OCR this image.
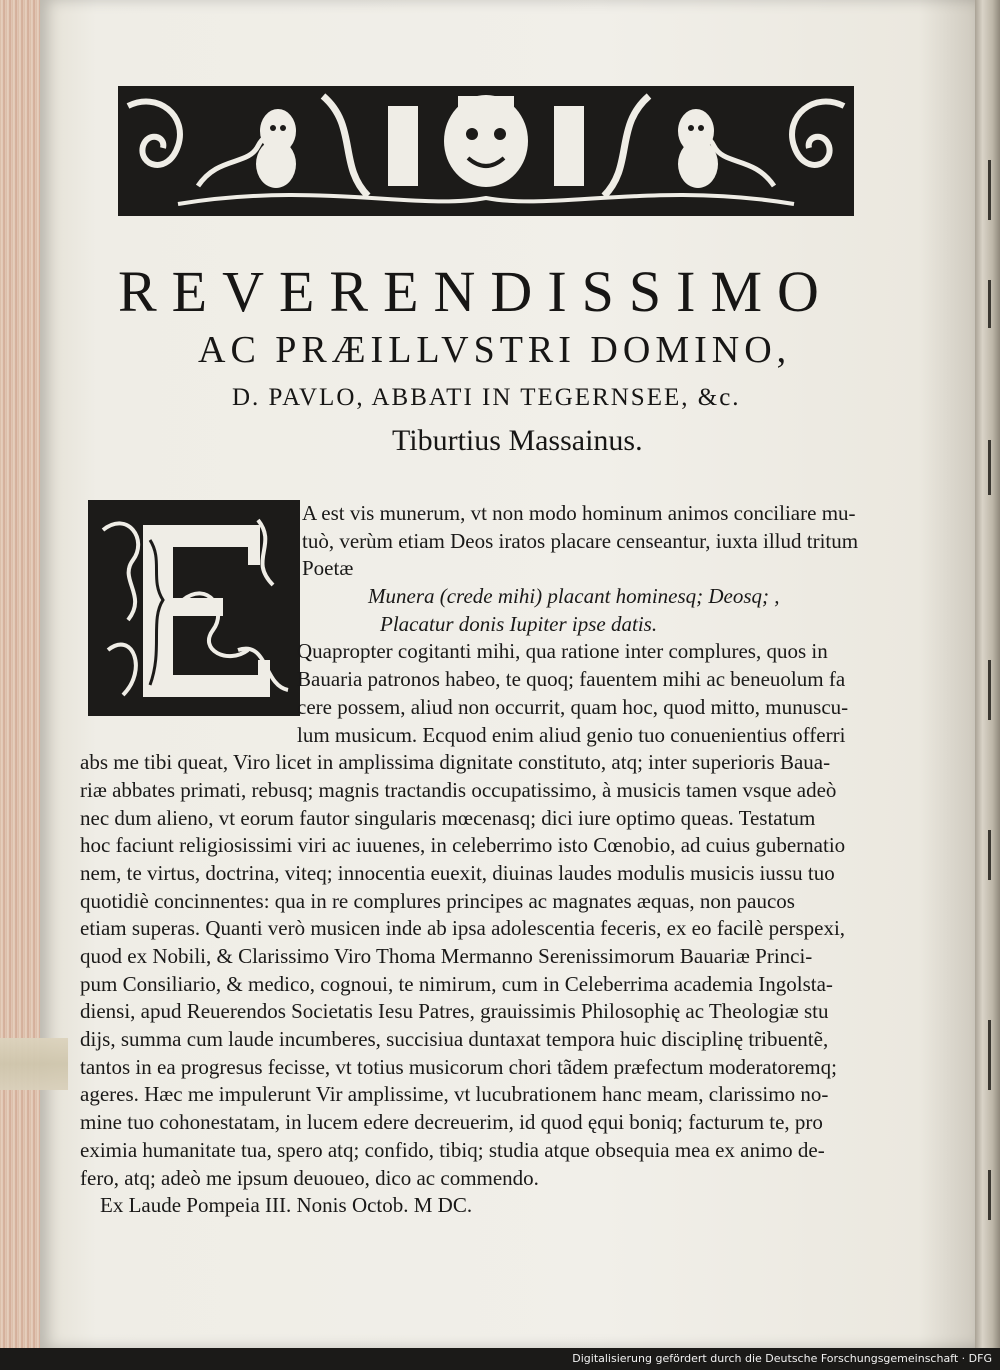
REVERENDISSIMO
AC PRÆILLVSTRI DOMINO,
D. PAVLO, ABBATI IN TEGERNSEE, &c.
Tiburtius Massainus.
A est vis munerum, vt non modo hominum animos conciliare mu-
tuò, verùm etiam Deos iratos placare censeantur, iuxta illud tritum
Poetæ
Munera (crede mihi) placant hominesq; Deosq; ,
Placatur donis Iupiter ipse datis.
Quapropter cogitanti mihi, qua ratione inter complures, quos in
Bauaria patronos habeo, te quoq; fauentem mihi ac beneuolum fa
cere possem, aliud non occurrit, quam hoc, quod mitto, munuscu-
lum musicum. Ecquod enim aliud genio tuo conuenientius offerri
abs me tibi queat, Viro licet in amplissima dignitate constituto, atq; inter superioris Baua-
riæ abbates primati, rebusq; magnis tractandis occupatissimo, à musicis tamen vsque adeò
nec dum alieno, vt eorum fautor singularis mœcenasq; dici iure optimo queas. Testatum
hoc faciunt religiosissimi viri ac iuuenes, in celeberrimo isto Cœnobio, ad cuius gubernatio
nem, te virtus, doctrina, viteq; innocentia euexit, diuinas laudes modulis musicis iussu tuo
quotidiè concinnentes: qua in re complures principes ac magnates æquas, non paucos
etiam superas. Quanti verò musicen inde ab ipsa adolescentia feceris, ex eo facilè perspexi,
quod ex Nobili, & Clarissimo Viro Thoma Mermanno Serenissimorum Bauariæ Princi-
pum Consiliario, & medico, cognoui, te nimirum, cum in Celeberrima academia Ingolsta-
diensi, apud Reuerendos Societatis Iesu Patres, grauissimis Philosophię ac Theologiæ stu
dijs, summa cum laude incumberes, succisiua duntaxat tempora huic disciplinę tribuentẽ,
tantos in ea progresus fecisse, vt totius musicorum chori tãdem præfectum moderatoremq;
ageres. Hæc me impulerunt Vir amplissime, vt lucubrationem hanc meam, clarissimo no-
mine tuo cohonestatam, in lucem edere decreuerim, id quod ęqui boniq; facturum te, pro
eximia humanitate tua, spero atq; confido, tibiq; studia atque obsequia mea ex animo de-
fero, atq; adeò me ipsum deuoueo, dico ac commendo.
Ex Laude Pompeia III. Nonis Octob. M DC.
Digitalisierung gefördert durch die Deutsche Forschungsgemeinschaft · DFG
